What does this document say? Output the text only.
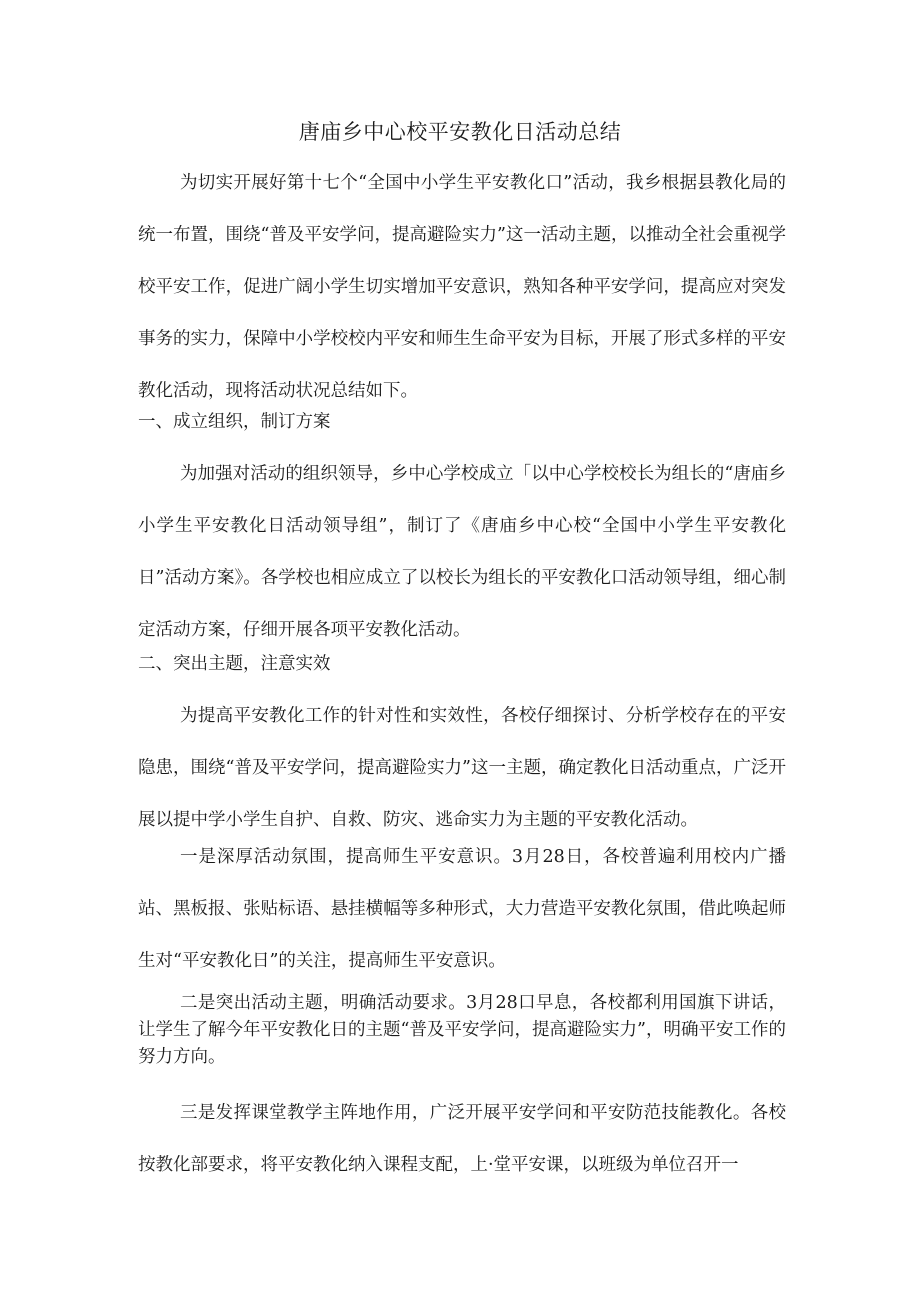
唐庙乡中心校平安教化日活动总结

为切实开展好第十七个“全国中小学生平安教化口”活动，我乡根据县教化局的统一布置，围绕“普及平安学问，提高避险实力”这一活动主题，以推动全社会重视学校平安工作，促进广阔小学生切实增加平安意识，熟知各种平安学问，提高应对突发事务的实力，保障中小学校校内平安和师生生命平安为目标，开展了形式多样的平安教化活动，现将活动状况总结如下。

一、成立组织，制订方案

为加强对活动的组织领导，乡中心学校成立「以中心学校校长为组长的“唐庙乡小学生平安教化日活动领导组”，制订了《唐庙乡中心校“全国中小学生平安教化日”活动方案》。各学校也相应成立了以校长为组长的平安教化口活动领导组，细心制定活动方案，仔细开展各项平安教化活动。

二、突出主题，注意实效

为提高平安教化工作的针对性和实效性，各校仔细探讨、分析学校存在的平安隐患，围绕“普及平安学问，提高避险实力”这一主题，确定教化日活动重点，广泛开展以提中学小学生自护、自救、防灾、逃命实力为主题的平安教化活动。

一是深厚活动氛围，提高师生平安意识。3月28日，各校普遍利用校内广播站、黑板报、张贴标语、悬挂横幅等多种形式，大力营造平安教化氛围，借此唤起师生对“平安教化日”的关注，提高师生平安意识。

二是突出活动主题，明确活动要求。3月28口早息，各校都利用国旗下讲话，让学生了解今年平安教化日的主题“普及平安学问，提高避险实力”，明确平安工作的努力方向。

三是发挥课堂教学主阵地作用，广泛开展平安学问和平安防范技能教化。各校按教化部要求，将平安教化纳入课程支配，上·堂平安课，以班级为单位召开一
